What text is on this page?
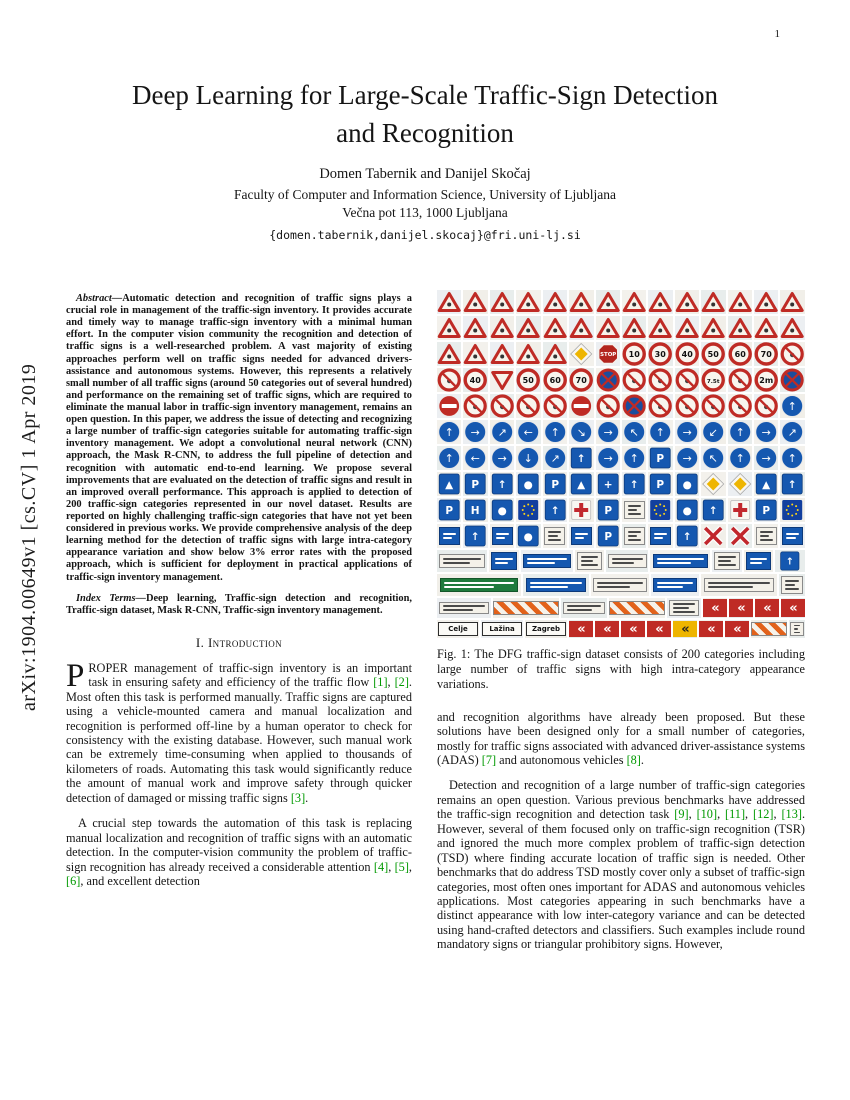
1
arXiv:1904.00649v1 [cs.CV] 1 Apr 2019
Deep Learning for Large-Scale Traffic-Sign Detection and Recognition
Domen Tabernik and Danijel Skočaj
Faculty of Computer and Information Science, University of Ljubljana
Večna pot 113, 1000 Ljubljana
{domen.tabernik,danijel.skocaj}@fri.uni-lj.si

Abstract—Automatic detection and recognition of traffic signs plays a crucial role in management of the traffic-sign inventory. It provides accurate and timely way to manage traffic-sign inventory with a minimal human effort. In the computer vision community the recognition and detection of traffic signs is a well-researched problem. A vast majority of existing approaches perform well on traffic signs needed for advanced drivers-assistance and autonomous systems. However, this represents a relatively small number of all traffic signs (around 50 categories out of several hundred) and performance on the remaining set of traffic signs, which are required to eliminate the manual labor in traffic-sign inventory management, remains an open question. In this paper, we address the issue of detecting and recognizing a large number of traffic-sign categories suitable for automating traffic-sign inventory management. We adopt a convolutional neural network (CNN) approach, the Mask R-CNN, to address the full pipeline of detection and recognition with automatic end-to-end learning. We propose several improvements that are evaluated on the detection of traffic signs and result in an improved overall performance. This approach is applied to detection of 200 traffic-sign categories represented in our novel dataset. Results are reported on highly challenging traffic-sign categories that have not yet been considered in previous works. We provide comprehensive analysis of the deep learning method for the detection of traffic signs with large intra-category appearance variation and show below 3% error rates with the proposed approach, which is sufficient for deployment in practical applications of traffic-sign inventory management.

Index Terms—Deep learning, Traffic-sign detection and recognition, Traffic-sign dataset, Mask R-CNN, Traffic-sign inventory management.

I. Introduction

PROPER management of traffic-sign inventory is an important task in ensuring safety and efficiency of the traffic flow [1], [2]. Most often this task is performed manually. Traffic signs are captured using a vehicle-mounted camera and manual localization and recognition is performed off-line by a human operator to check for consistency with the existing database. However, such manual work can be extremely time-consuming when applied to thousands of kilometers of roads. Automating this task would significantly reduce the amount of manual work and improve safety through quicker detection of damaged or missing traffic signs [3].

A crucial step towards the automation of this task is replacing manual localization and recognition of traffic signs with an automatic detection. In the computer-vision community the problem of traffic-sign recognition has already received a considerable attention [4], [5], [6], and excellent detection

STOP 10 30 40 50 60 70
40	50 60 70	7.5t	2m
↑
↑ → ↗ ← ↑ ↘ → ↖ ↑ → ↙ ↑ → ↗
↑ ← → ↓ ↗ ↑ → ↑ P → ↖ ↑ → ↑
▲ P ↑ ● P ▲ + ↑ P ●	▲ ↑
P H ●	↑	P	● ↑	P
↑	●	P	↑
↑
«	«	«	«
Celje	Lažina	Zagreb	«	«	«	«	«	«	«
Fig. 1: The DFG traffic-sign dataset consists of 200 categories including large number of traffic signs with high intra-category appearance variations.

and recognition algorithms have already been proposed. But these solutions have been designed only for a small number of categories, mostly for traffic signs associated with advanced driver-assistance systems (ADAS) [7] and autonomous vehicles [8].

Detection and recognition of a large number of traffic-sign categories remains an open question. Various previous benchmarks have addressed the traffic-sign recognition and detection task [9], [10], [11], [12], [13]. However, several of them focused only on traffic-sign recognition (TSR) and ignored the much more complex problem of traffic-sign detection (TSD) where finding accurate location of traffic sign is needed. Other benchmarks that do address TSD mostly cover only a subset of traffic-sign categories, most often ones important for ADAS and autonomous vehicles applications. Most categories appearing in such benchmarks have a distinct appearance with low inter-category variance and can be detected using hand-crafted detectors and classifiers. Such examples include round mandatory signs or triangular prohibitory signs. However,
